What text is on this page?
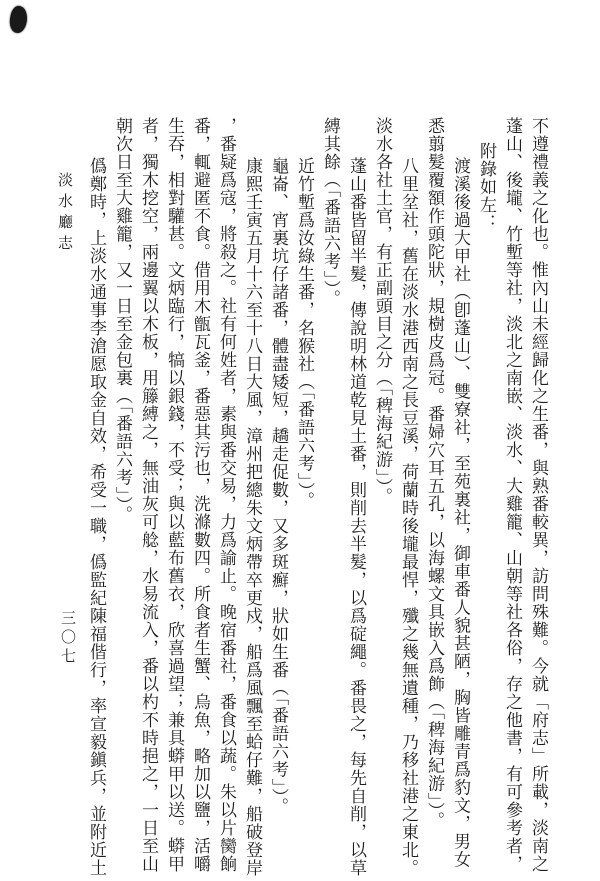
淡水廳志
三〇七	不遵禮義之化也。惟內山未經歸化之生番，與熟番較異，訪問殊難。今就「府志」所載，淡南之
蓬山、後壠、竹塹等社，淡北之南嵌、淡水、大雞籠、山朝等社各俗，存之他書，有可參考者，
附錄如左：
渡溪後過大甲社（卽蓬山）、雙寮社，至苑裏社，御車番人貌甚陋，胸皆雕青爲豹文，男女
悉翦髮覆額作頭陀狀，規樹皮爲冠。番婦穴耳五孔，以海螺文具嵌入爲飾（「稗海紀游」）。
八里坌社，舊在淡水港西南之長豆溪，荷蘭時後壠最悍，殲之幾無遺種，乃移社港之東北。
淡水各社土官，有正副頭目之分（「稗海紀游」）。
蓬山番皆留半髮，傳說明林道乾見土番，則削去半髮，以爲碇繩。番畏之，每先自削，以草
縛其餘（「番語六考」）。
近竹塹爲汝綠生番，名猴社（「番語六考」）。
龜崙、宵裏坑仔諸番，體盡矮短，趫走促數，又多斑癬，狀如生番（「番語六考」）。
康熙壬寅五月十六至十八日大風，漳州把總朱文炳帶卒更戍，船爲風飄至蛤仔難，船破登岸
，番疑爲寇，將殺之。社有何姓者，素與番交易，力爲諭止。晚宿番社，番食以蔬。朱以片臠餉
番，輒避匿不食。借用木甑瓦釜，番惡其污也，洗滌數四。所食者生蟹、烏魚，略加以鹽，活嚼
生吞，相對驩甚。文炳臨行，犒以銀錢，不受；與以藍布舊衣，欣喜過望；兼具蟒甲以送。蟒甲
者，獨木挖空，兩邊翼以木板，用籐縛之，無油灰可艌，水易流入，番以杓不時挹之，一日至山
朝次日至大雞籠，又一日至金包裏（「番語六考」）。
僞鄭時，上淡水通事李滄愿取金自效，希受一職，僞監紀陳福偕行，率宣毅鎭兵，並附近土
